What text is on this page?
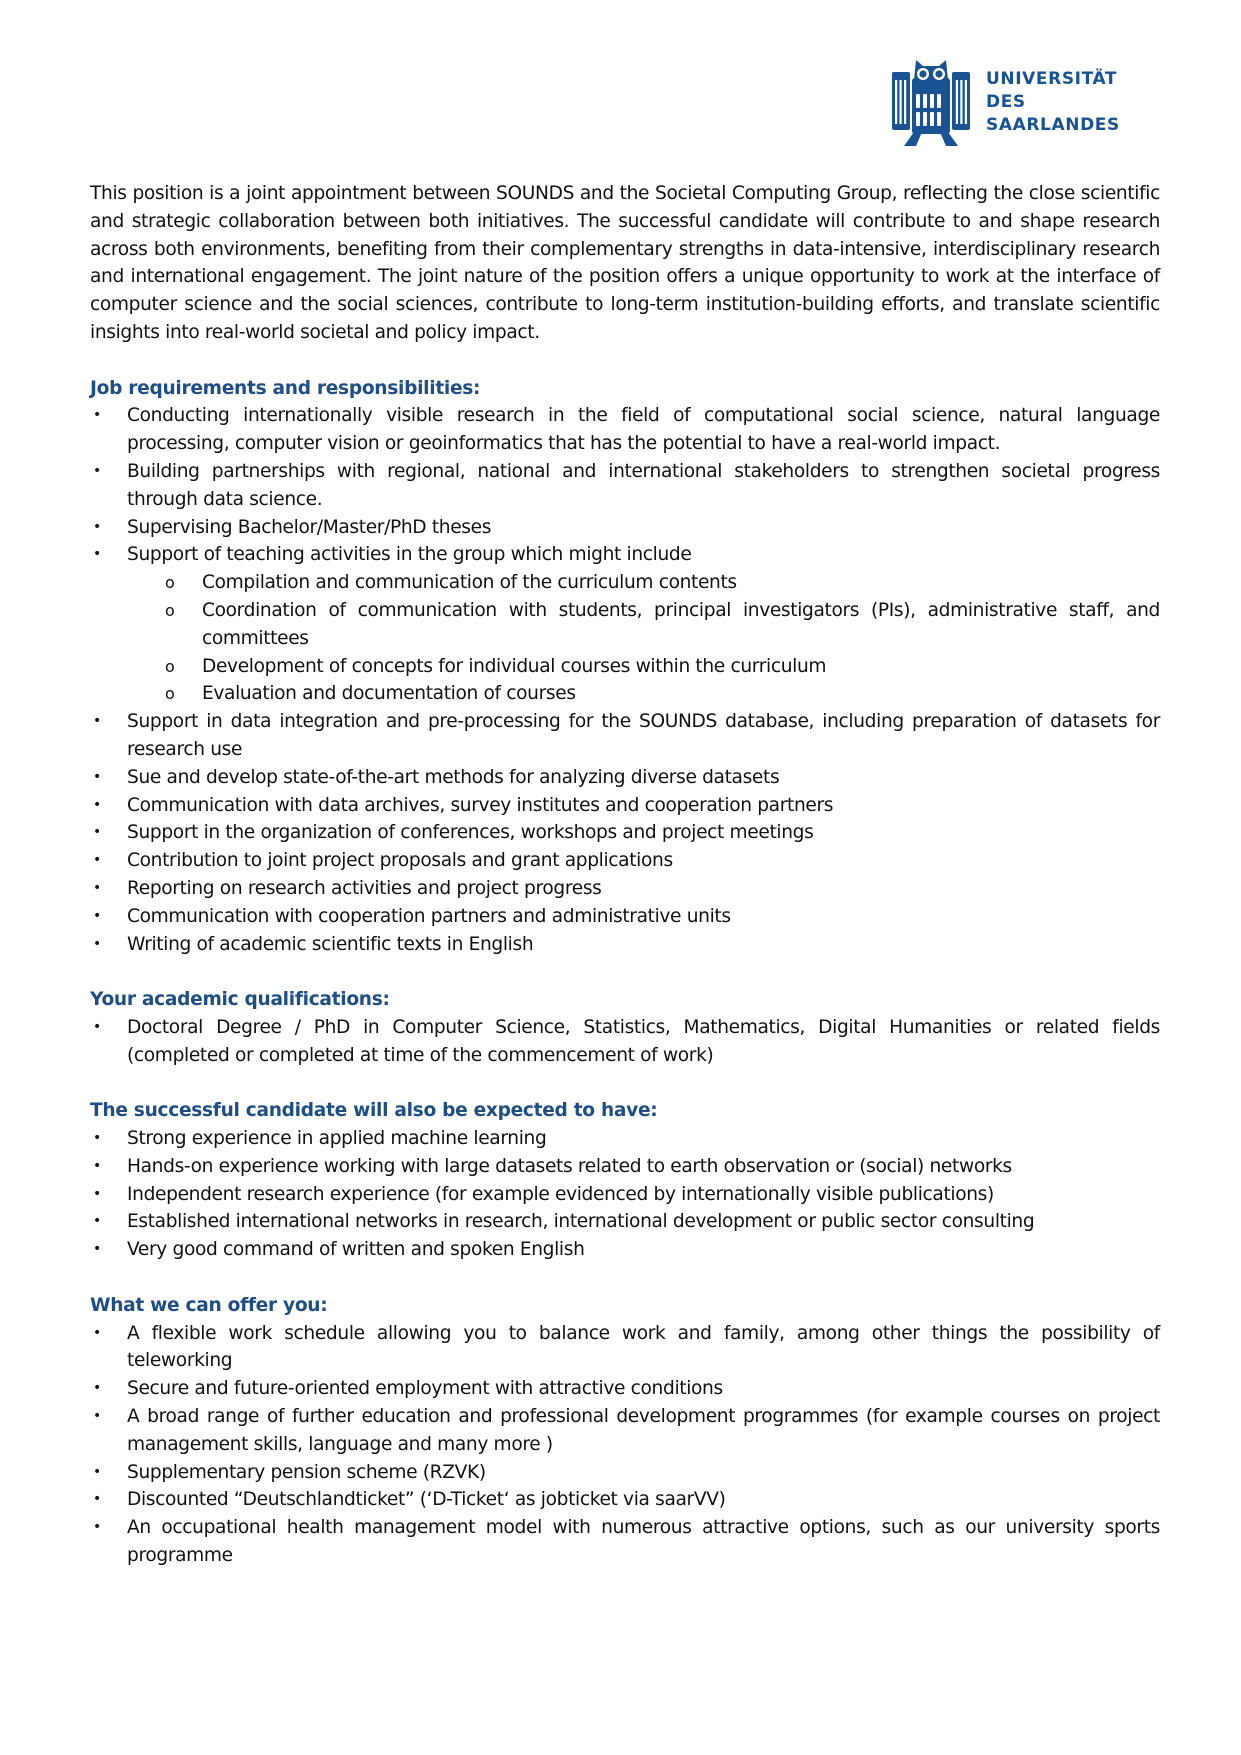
UNIVERSITÄT
DES
SAARLANDES

This position is a joint appointment between SOUNDS and the Societal Computing Group, reflecting the close scientific and strategic collaboration between both initiatives. The successful candidate will contribute to and shape research across both environments, benefiting from their complementary strengths in data-intensive, interdisciplinary research and international engagement. The joint nature of the position offers a unique opportunity to work at the interface of computer science and the social sciences, contribute to long-term institution-building efforts, and translate scientific insights into real-world societal and policy impact.

Job requirements and responsibilities:
• Conducting internationally visible research in the field of computational social science, natural language processing, computer vision or geoinformatics that has the potential to have a real-world impact.
• Building partnerships with regional, national and international stakeholders to strengthen societal progress through data science.
• Supervising Bachelor/Master/PhD theses
• Support of teaching activities in the group which might include
o Compilation and communication of the curriculum contents
o Coordination of communication with students, principal investigators (PIs), administrative staff, and committees
o Development of concepts for individual courses within the curriculum
o Evaluation and documentation of courses
• Support in data integration and pre-processing for the SOUNDS database, including preparation of datasets for research use
• Sue and develop state-of-the-art methods for analyzing diverse datasets
• Communication with data archives, survey institutes and cooperation partners
• Support in the organization of conferences, workshops and project meetings
• Contribution to joint project proposals and grant applications
• Reporting on research activities and project progress
• Communication with cooperation partners and administrative units
• Writing of academic scientific texts in English
Your academic qualifications:
• Doctoral Degree / PhD in Computer Science, Statistics, Mathematics, Digital Humanities or related fields (completed or completed at time of the commencement of work)
The successful candidate will also be expected to have:
• Strong experience in applied machine learning
• Hands-on experience working with large datasets related to earth observation or (social) networks
• Independent research experience (for example evidenced by internationally visible publications)
• Established international networks in research, international development or public sector consulting
• Very good command of written and spoken English
What we can offer you:
• A flexible work schedule allowing you to balance work and family, among other things the possibility of teleworking
• Secure and future-oriented employment with attractive conditions
• A broad range of further education and professional development programmes (for example courses on project management skills, language and many more )
• Supplementary pension scheme (RZVK)
• Discounted “Deutschlandticket” (‘D-Ticket‘ as jobticket via saarVV)
• An occupational health management model with numerous attractive options, such as our university sports programme
